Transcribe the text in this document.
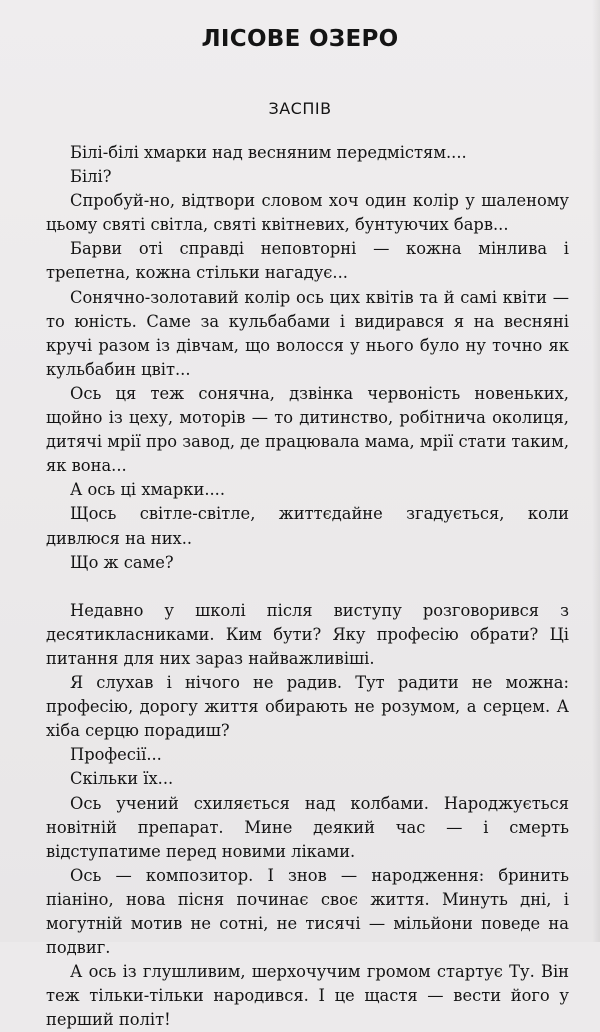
ЛІСОВЕ ОЗЕРО
ЗАСПІВ

Білі-білі хмарки над весняним передмістям....

Білі?

Спробуй-но, відтвори словом хоч один колір у шаленому цьому святі світла, святі квітневих, бунтуючих барв...

Барви оті справді неповторні — кожна мінлива і трепетна, кожна стільки нагадує...

Сонячно-золотавий колір ось цих квітів та й самі квіти — то юність. Саме за кульбабами і видирався я на весняні кручі разом із дівчам, що волосся у нього було ну точно як кульбабин цвіт...

Ось ця теж сонячна, дзвінка червоність новеньких, щойно із цеху, моторів — то дитинство, робітнича околиця, дитячі мрії про завод, де працювала мама, мрії стати таким, як вона...

А ось ці хмарки....

Щось світле-світле, життєдайне згадується, коли дивлюся на них..

Що ж саме?

Недавно у школі після виступу розговорився з десятикласниками. Ким бути? Яку професію обрати? Ці питання для них зараз найважливіші.

Я слухав і нічого не радив. Тут радити не можна: професію, дорогу життя обирають не розумом, а серцем. А хіба серцю порадиш?

Професії...

Скільки їх...

Ось учений схиляється над колбами. Народжується новітній препарат. Мине деякий час — і смерть відступатиме перед новими ліками.

Ось — композитор. І знов — народження: бринить піаніно, нова пісня починає своє життя. Минуть дні, і могутній мотив не сотні, не тисячі — мільйони поведе на подвиг.

А ось із глушливим, шерхочучим громом стартує Ту. Він теж тільки-тільки народився. І це щастя — вести його у перший політ!
